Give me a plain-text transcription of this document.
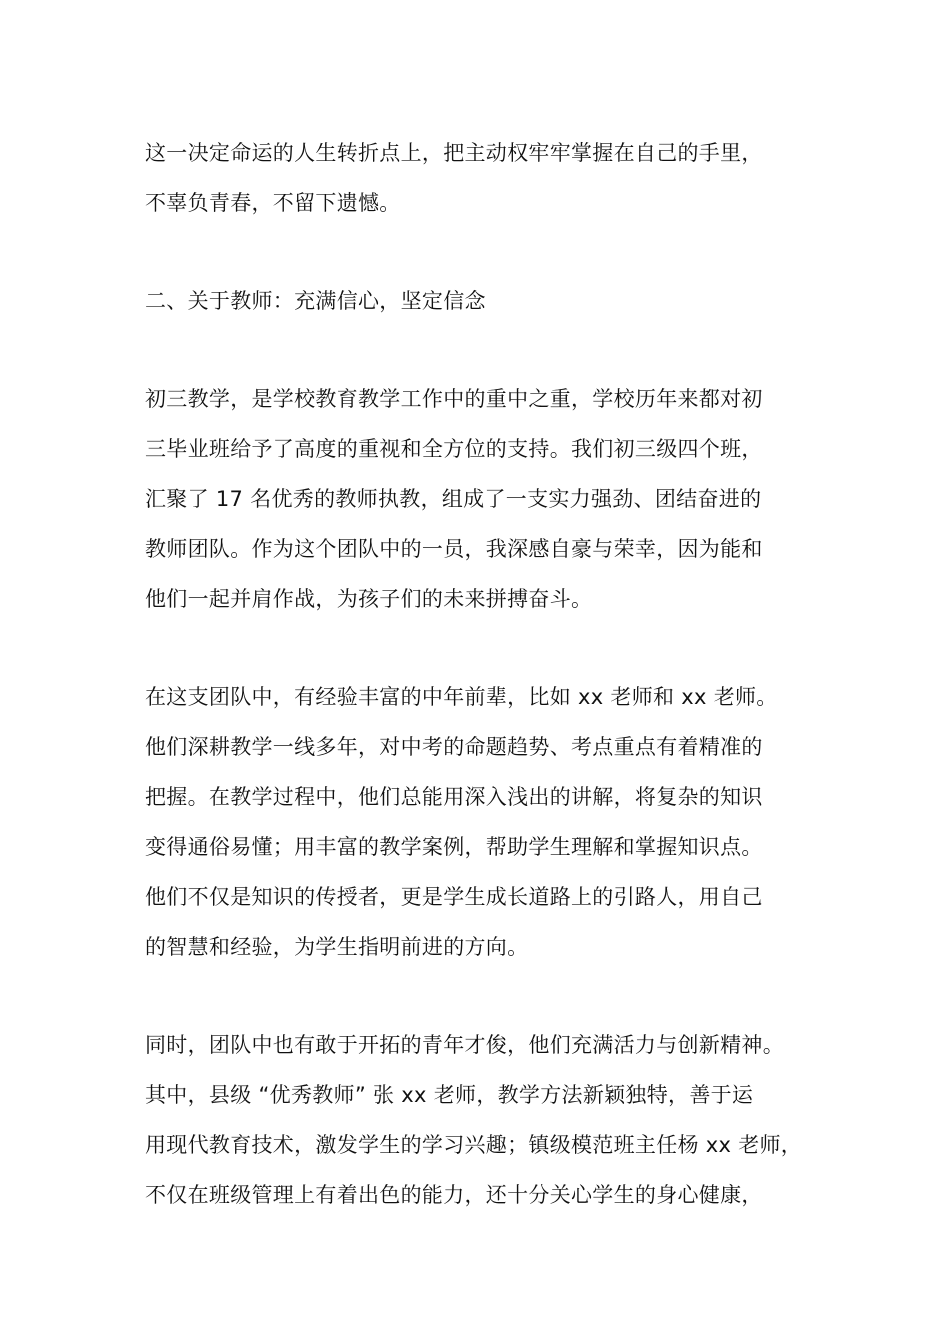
这一决定命运的人生转折点上，把主动权牢牢掌握在自己的手里，

不辜负青春，不留下遗憾。

二、关于教师：充满信心，坚定信念

初三教学，是学校教育教学工作中的重中之重，学校历年来都对初

三毕业班给予了高度的重视和全方位的支持。我们初三级四个班，

汇聚了 17 名优秀的教师执教，组成了一支实力强劲、团结奋进的

教师团队。作为这个团队中的一员，我深感自豪与荣幸，因为能和

他们一起并肩作战，为孩子们的未来拼搏奋斗。

在这支团队中，有经验丰富的中年前辈，比如 xx 老师和 xx 老师。

他们深耕教学一线多年，对中考的命题趋势、考点重点有着精准的

把握。在教学过程中，他们总能用深入浅出的讲解，将复杂的知识

变得通俗易懂；用丰富的教学案例，帮助学生理解和掌握知识点。

他们不仅是知识的传授者，更是学生成长道路上的引路人，用自己

的智慧和经验，为学生指明前进的方向。

同时，团队中也有敢于开拓的青年才俊，他们充满活力与创新精神。

其中，县级 “优秀教师” 张 xx 老师，教学方法新颖独特，善于运

用现代教育技术，激发学生的学习兴趣；镇级模范班主任杨 xx 老师，

不仅在班级管理上有着出色的能力，还十分关心学生的身心健康，
